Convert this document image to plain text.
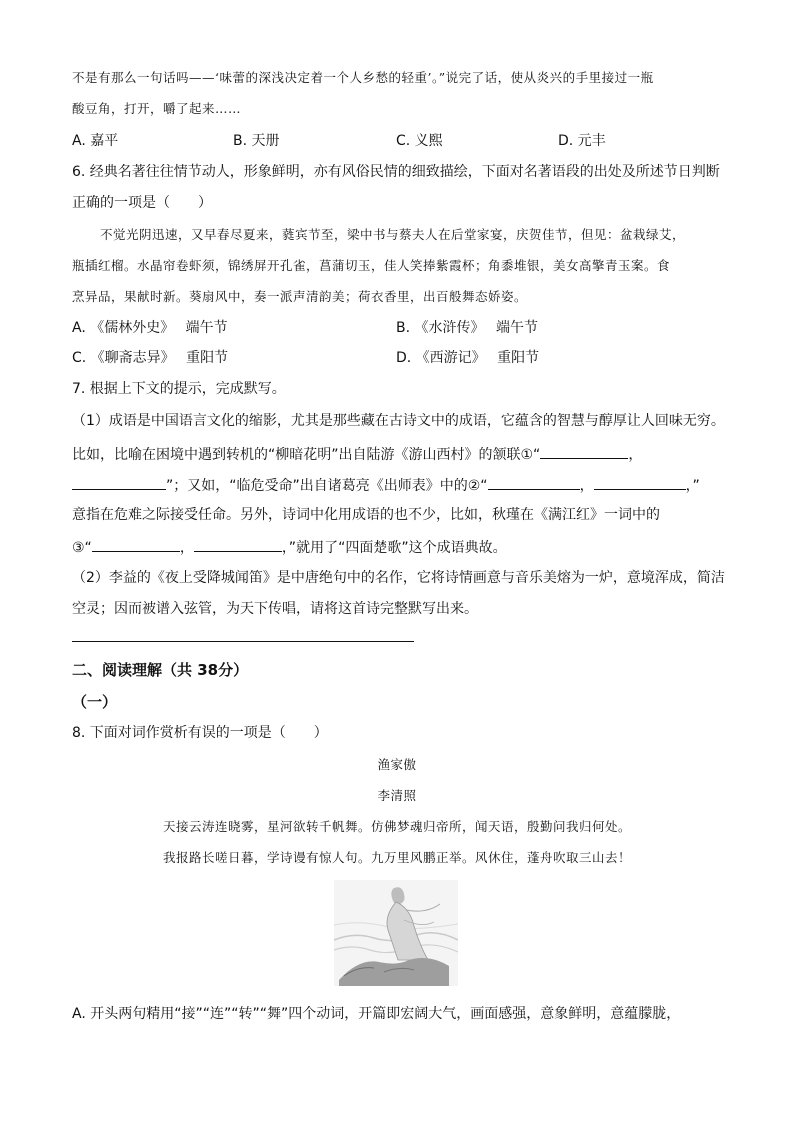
不是有那么一句话吗——‘味蕾的深浅决定着一个人乡愁的轻重’。”说完了话，使从炎兴的手里接过一瓶
酸豆角，打开，嚼了起来……
A. 嘉平	B. 天册	C. 义熙	D. 元丰
6. 经典名著往往情节动人，形象鲜明，亦有风俗民情的细致描绘，下面对名著语段的出处及所述节日判断
正确的一项是（　　）
不觉光阴迅速，又早春尽夏来，蕤宾节至，梁中书与蔡夫人在后堂家宴，庆贺佳节，但见：盆栽绿艾，
瓶插红榴。水晶帘卷虾须，锦绣屏开孔雀，菖蒲切玉，佳人笑捧紫霞杯；角黍堆银，美女高擎青玉案。食
烹异品，果献时新。葵扇风中，奏一派声清韵美；荷衣香里，出百般舞态娇姿。
A. 《儒林外史》　 端午节	B. 《水浒传》　 端午节
C. 《聊斋志异》　 重阳节	D. 《西游记》　 重阳节
7. 根据上下文的提示，完成默写。
（1）成语是中国语言文化的缩影，尤其是那些藏在古诗文中的成语，它蕴含的智慧与醇厚让人回味无穷。
比如，比喻在困境中遇到转机的“柳暗花明”出自陆游《游山西村》的颔联①“	，
”；又如，“临危受命”出自诸葛亮《出师表》中的②“	，	，”
意指在危难之际接受任命。另外，诗词中化用成语的也不少，比如，秋瑾在《满江红》一词中的
③“	，	，”就用了“四面楚歌”这个成语典故。
（2）李益的《夜上受降城闻笛》是中唐绝句中的名作，它将诗情画意与音乐美熔为一炉，意境浑成，简洁
空灵；因而被谱入弦管，为天下传唱，请将这首诗完整默写出来。
二、阅读理解（共 38分）
（一）
8. 下面对词作赏析有误的一项是（　　）
渔家傲
李清照
天接云涛连晓雾，星河欲转千帆舞。仿佛梦魂归帝所，闻天语，殷勤问我归何处。
我报路长嗟日暮，学诗谩有惊人句。九万里风鹏正举。风休住，蓬舟吹取三山去！
A. 开头两句精用“接”“连”“转”“舞”四个动词，开篇即宏阔大气，画面感强，意象鲜明，意蕴朦胧，
